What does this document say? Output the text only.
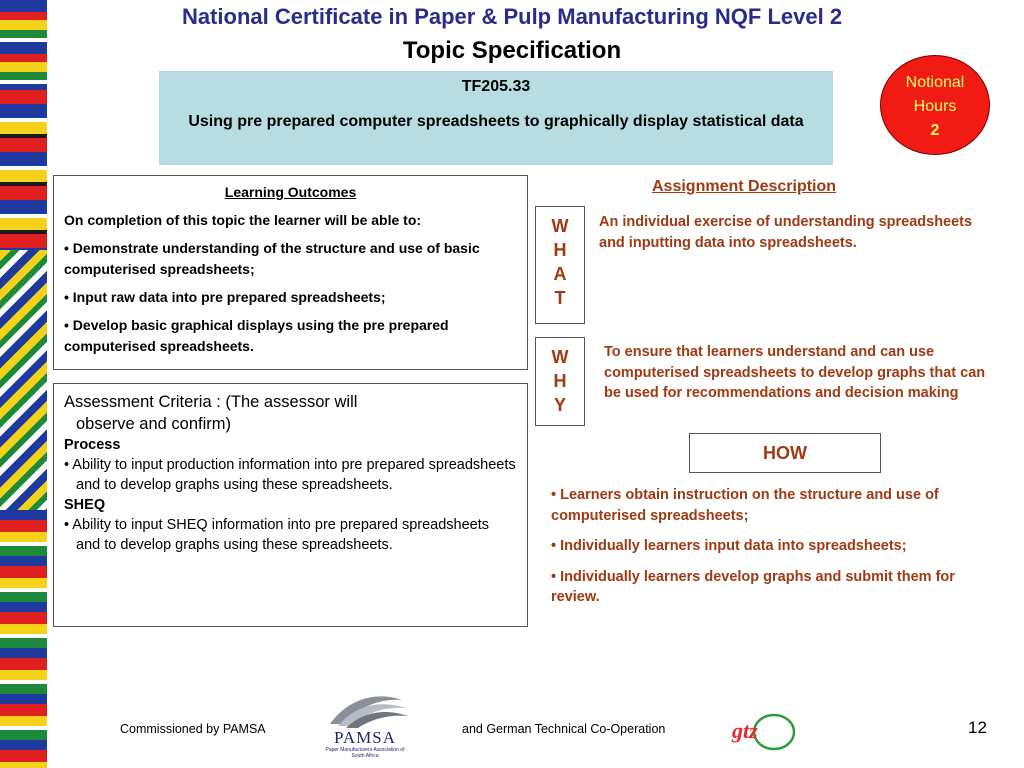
National Certificate in Paper & Pulp Manufacturing NQF Level 2
Topic Specification
TF205.33
Using pre prepared computer spreadsheets to graphically display statistical data
Notional
Hours
2
Learning Outcomes

On completion of this topic the learner will be able to:

• Demonstrate understanding of the structure and use of basic computerised spreadsheets;

• Input raw data into pre prepared spreadsheets;

• Develop basic graphical displays using the pre prepared computerised spreadsheets.

Assessment Criteria : (The assessor will
observe and confirm)
Process
• Ability to input production information into pre prepared spreadsheets and to develop graphs using these spreadsheets.
SHEQ
• Ability to input SHEQ information into pre prepared spreadsheets and to develop graphs using these spreadsheets.
Assignment Description
W
H
A
T
An individual exercise of understanding spreadsheets and inputting data into spreadsheets.
W
H
Y
To ensure that learners understand and can use computerised spreadsheets to develop graphs that can be used for recommendations and decision making
HOW

• Learners obtain instruction on the structure and use of computerised spreadsheets;

• Individually learners input data into spreadsheets;

• Individually learners develop graphs and submit them for review.

Commissioned by PAMSA	PAMSA
Paper Manufacturers Association of South Africa
and German Technical Co-Operation	gtz	12
